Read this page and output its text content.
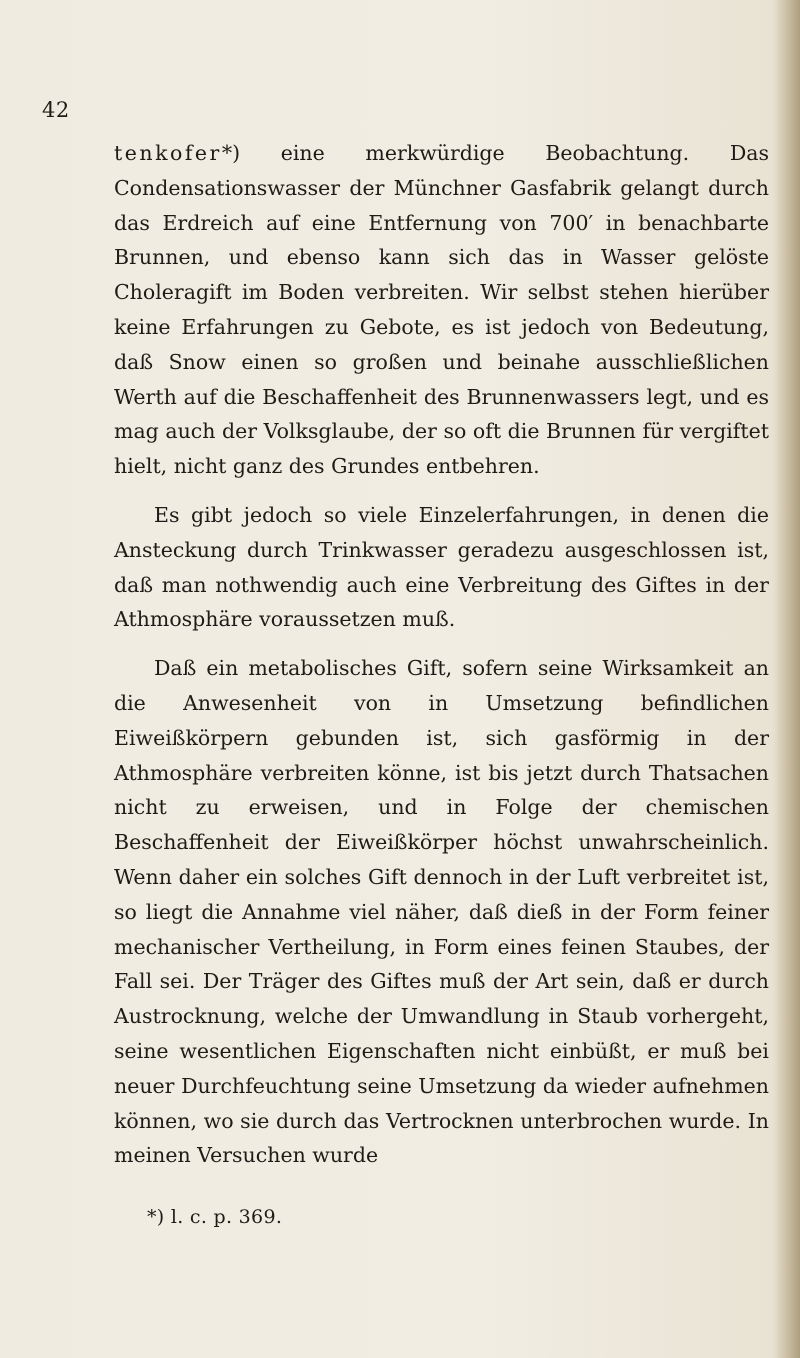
42

tenkofer*) eine merkwürdige Beobachtung. Das Condensationswasser der Münchner Gasfabrik gelangt durch das Erdreich auf eine Entfernung von 700′ in benachbarte Brunnen, und ebenso kann sich das in Wasser gelöste Choleragift im Boden verbreiten. Wir selbst stehen hierüber keine Erfahrungen zu Gebote, es ist jedoch von Bedeutung, daß Snow einen so großen und beinahe ausschließlichen Werth auf die Beschaffenheit des Brunnenwassers legt, und es mag auch der Volksglaube, der so oft die Brunnen für vergiftet hielt, nicht ganz des Grundes entbehren.

Es gibt jedoch so viele Einzelerfahrungen, in denen die Ansteckung durch Trinkwasser geradezu ausgeschlossen ist, daß man nothwendig auch eine Verbreitung des Giftes in der Athmosphäre voraussetzen muß.

Daß ein metabolisches Gift, sofern seine Wirksamkeit an die Anwesenheit von in Umsetzung befindlichen Eiweißkörpern gebunden ist, sich gasförmig in der Athmosphäre verbreiten könne, ist bis jetzt durch Thatsachen nicht zu erweisen, und in Folge der chemischen Beschaffenheit der Eiweißkörper höchst unwahrscheinlich. Wenn daher ein solches Gift dennoch in der Luft verbreitet ist, so liegt die Annahme viel näher, daß dieß in der Form feiner mechanischer Vertheilung, in Form eines feinen Staubes, der Fall sei. Der Träger des Giftes muß der Art sein, daß er durch Austrocknung, welche der Umwandlung in Staub vorhergeht, seine wesentlichen Eigenschaften nicht einbüßt, er muß bei neuer Durchfeuchtung seine Umsetzung da wieder aufnehmen können, wo sie durch das Vertrocknen unterbrochen wurde. In meinen Versuchen wurde

*) l. c. p. 369.
